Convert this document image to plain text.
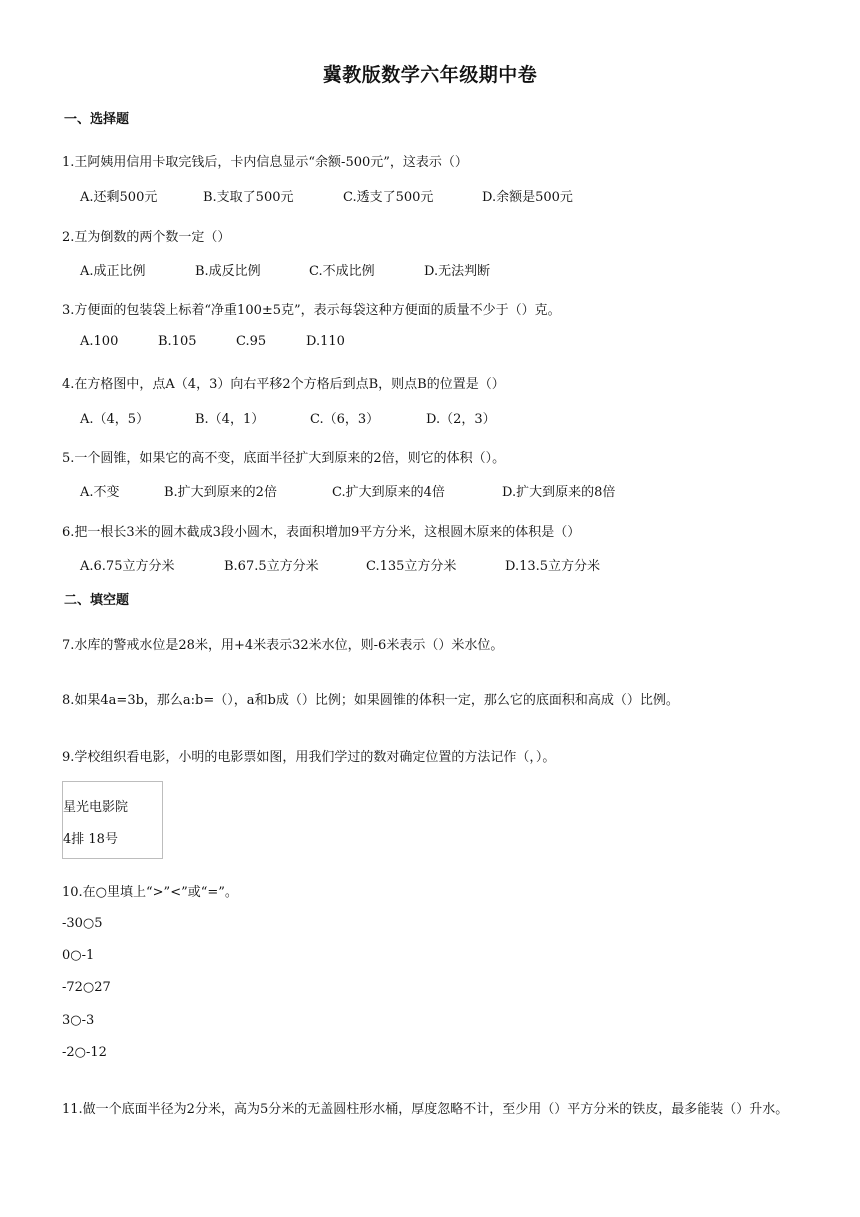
冀教版数学六年级期中卷
一、选择题
1.王阿姨用信用卡取完钱后，卡内信息显示“余额-500元”，这表示（）
A.还剩500元	B.支取了500元	C.透支了500元	D.余额是500元
2.互为倒数的两个数一定（）
A.成正比例	B.成反比例	C.不成比例	D.无法判断
3.方便面的包装袋上标着“净重100±5克”，表示每袋这种方便面的质量不少于（）克。
A.100	B.105	C.95	D.110
4.在方格图中，点A（4，3）向右平移2个方格后到点B，则点B的位置是（）
A.（4，5）	B.（4，1）	C.（6，3）	D.（2，3）
5.一个圆锥，如果它的高不变，底面半径扩大到原来的2倍，则它的体积（）。
A.不变	B.扩大到原来的2倍	C.扩大到原来的4倍	D.扩大到原来的8倍
6.把一根长3米的圆木截成3段小圆木，表面积增加9平方分米，这根圆木原来的体积是（）
A.6.75立方分米	B.67.5立方分米	C.135立方分米	D.13.5立方分米
二、填空题
7.水库的警戒水位是28米，用+4米表示32米水位，则-6米表示（）米水位。
8.如果4a=3b，那么a:b=（），a和b成（）比例；如果圆锥的体积一定，那么它的底面积和高成（）比例。
9.学校组织看电影，小明的电影票如图，用我们学过的数对确定位置的方法记作（，）。
星光电影院
4排 18号
10.在○里填上“>”<”或“=”。
-30○5
0○-1
-72○27
3○-3
-2○-12
11.做一个底面半径为2分米，高为5分米的无盖圆柱形水桶，厚度忽略不计，至少用（）平方分米的铁皮，最多能装（）升水。
